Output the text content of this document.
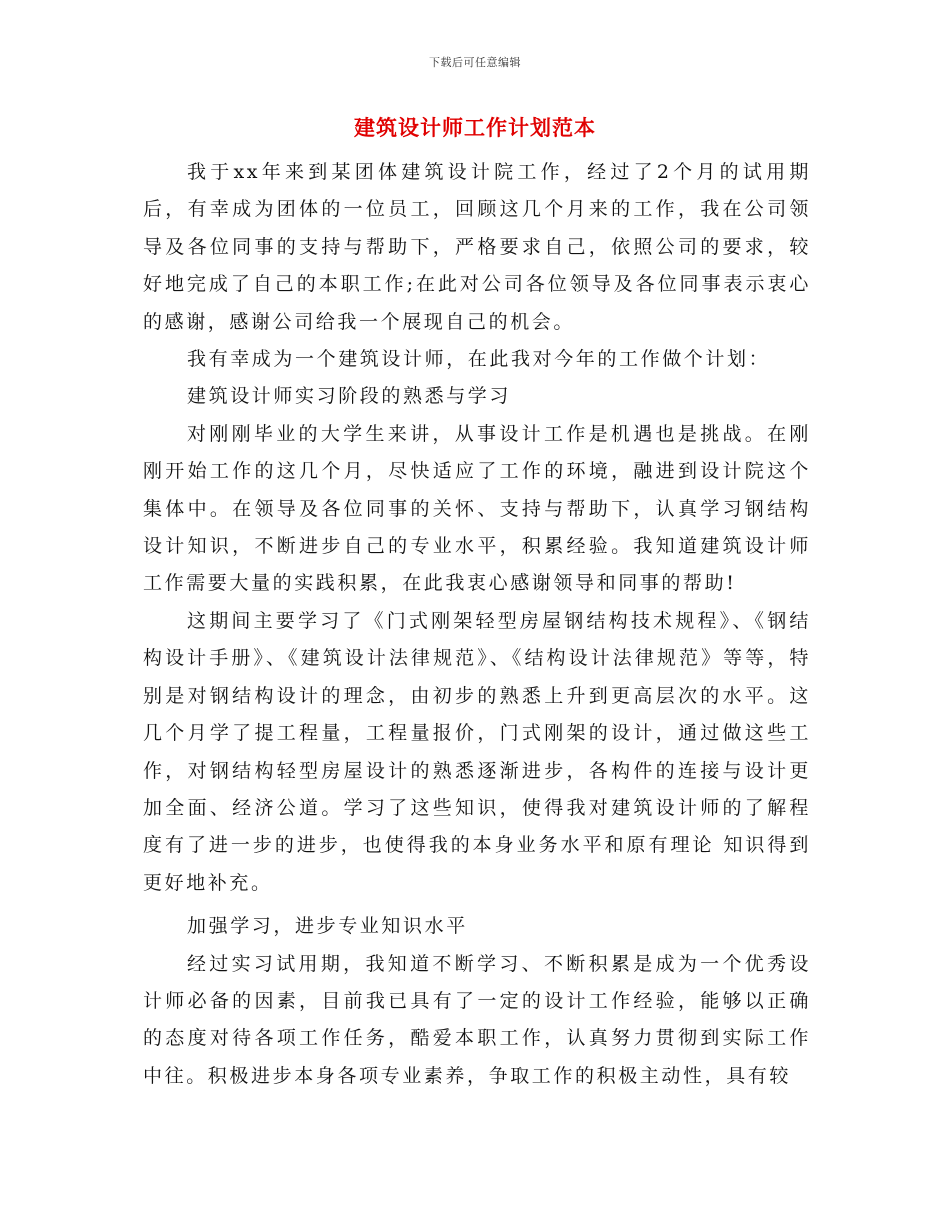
下载后可任意编辑
建筑设计师工作计划范本

我于xx年来到某团体建筑设计院工作，经过了2个月的试用期后，有幸成为团体的一位员工，回顾这几个月来的工作，我在公司领导及各位同事的支持与帮助下，严格要求自己，依照公司的要求，较好地完成了自己的本职工作;在此对公司各位领导及各位同事表示衷心的感谢，感谢公司给我一个展现自己的机会。

我有幸成为一个建筑设计师，在此我对今年的工作做个计划：

建筑设计师实习阶段的熟悉与学习

对刚刚毕业的大学生来讲，从事设计工作是机遇也是挑战。在刚刚开始工作的这几个月，尽快适应了工作的环境，融进到设计院这个集体中。在领导及各位同事的关怀、支持与帮助下，认真学习钢结构设计知识，不断进步自己的专业水平，积累经验。我知道建筑设计师工作需要大量的实践积累，在此我衷心感谢领导和同事的帮助!

这期间主要学习了《门式刚架轻型房屋钢结构技术规程》、《钢结构设计手册》、《建筑设计法律规范》、《结构设计法律规范》等等，特别是对钢结构设计的理念，由初步的熟悉上升到更高层次的水平。这几个月学了提工程量，工程量报价，门式刚架的设计，通过做这些工作，对钢结构轻型房屋设计的熟悉逐渐进步，各构件的连接与设计更加全面、经济公道。学习了这些知识，使得我对建筑设计师的了解程度有了进一步的进步，也使得我的本身业务水平和原有理论 知识得到更好地补充。

加强学习，进步专业知识水平

经过实习试用期，我知道不断学习、不断积累是成为一个优秀设计师必备的因素，目前我已具有了一定的设计工作经验，能够以正确的态度对待各项工作任务，酷爱本职工作，认真努力贯彻到实际工作中往。积极进步本身各项专业素养，争取工作的积极主动性，具有较
